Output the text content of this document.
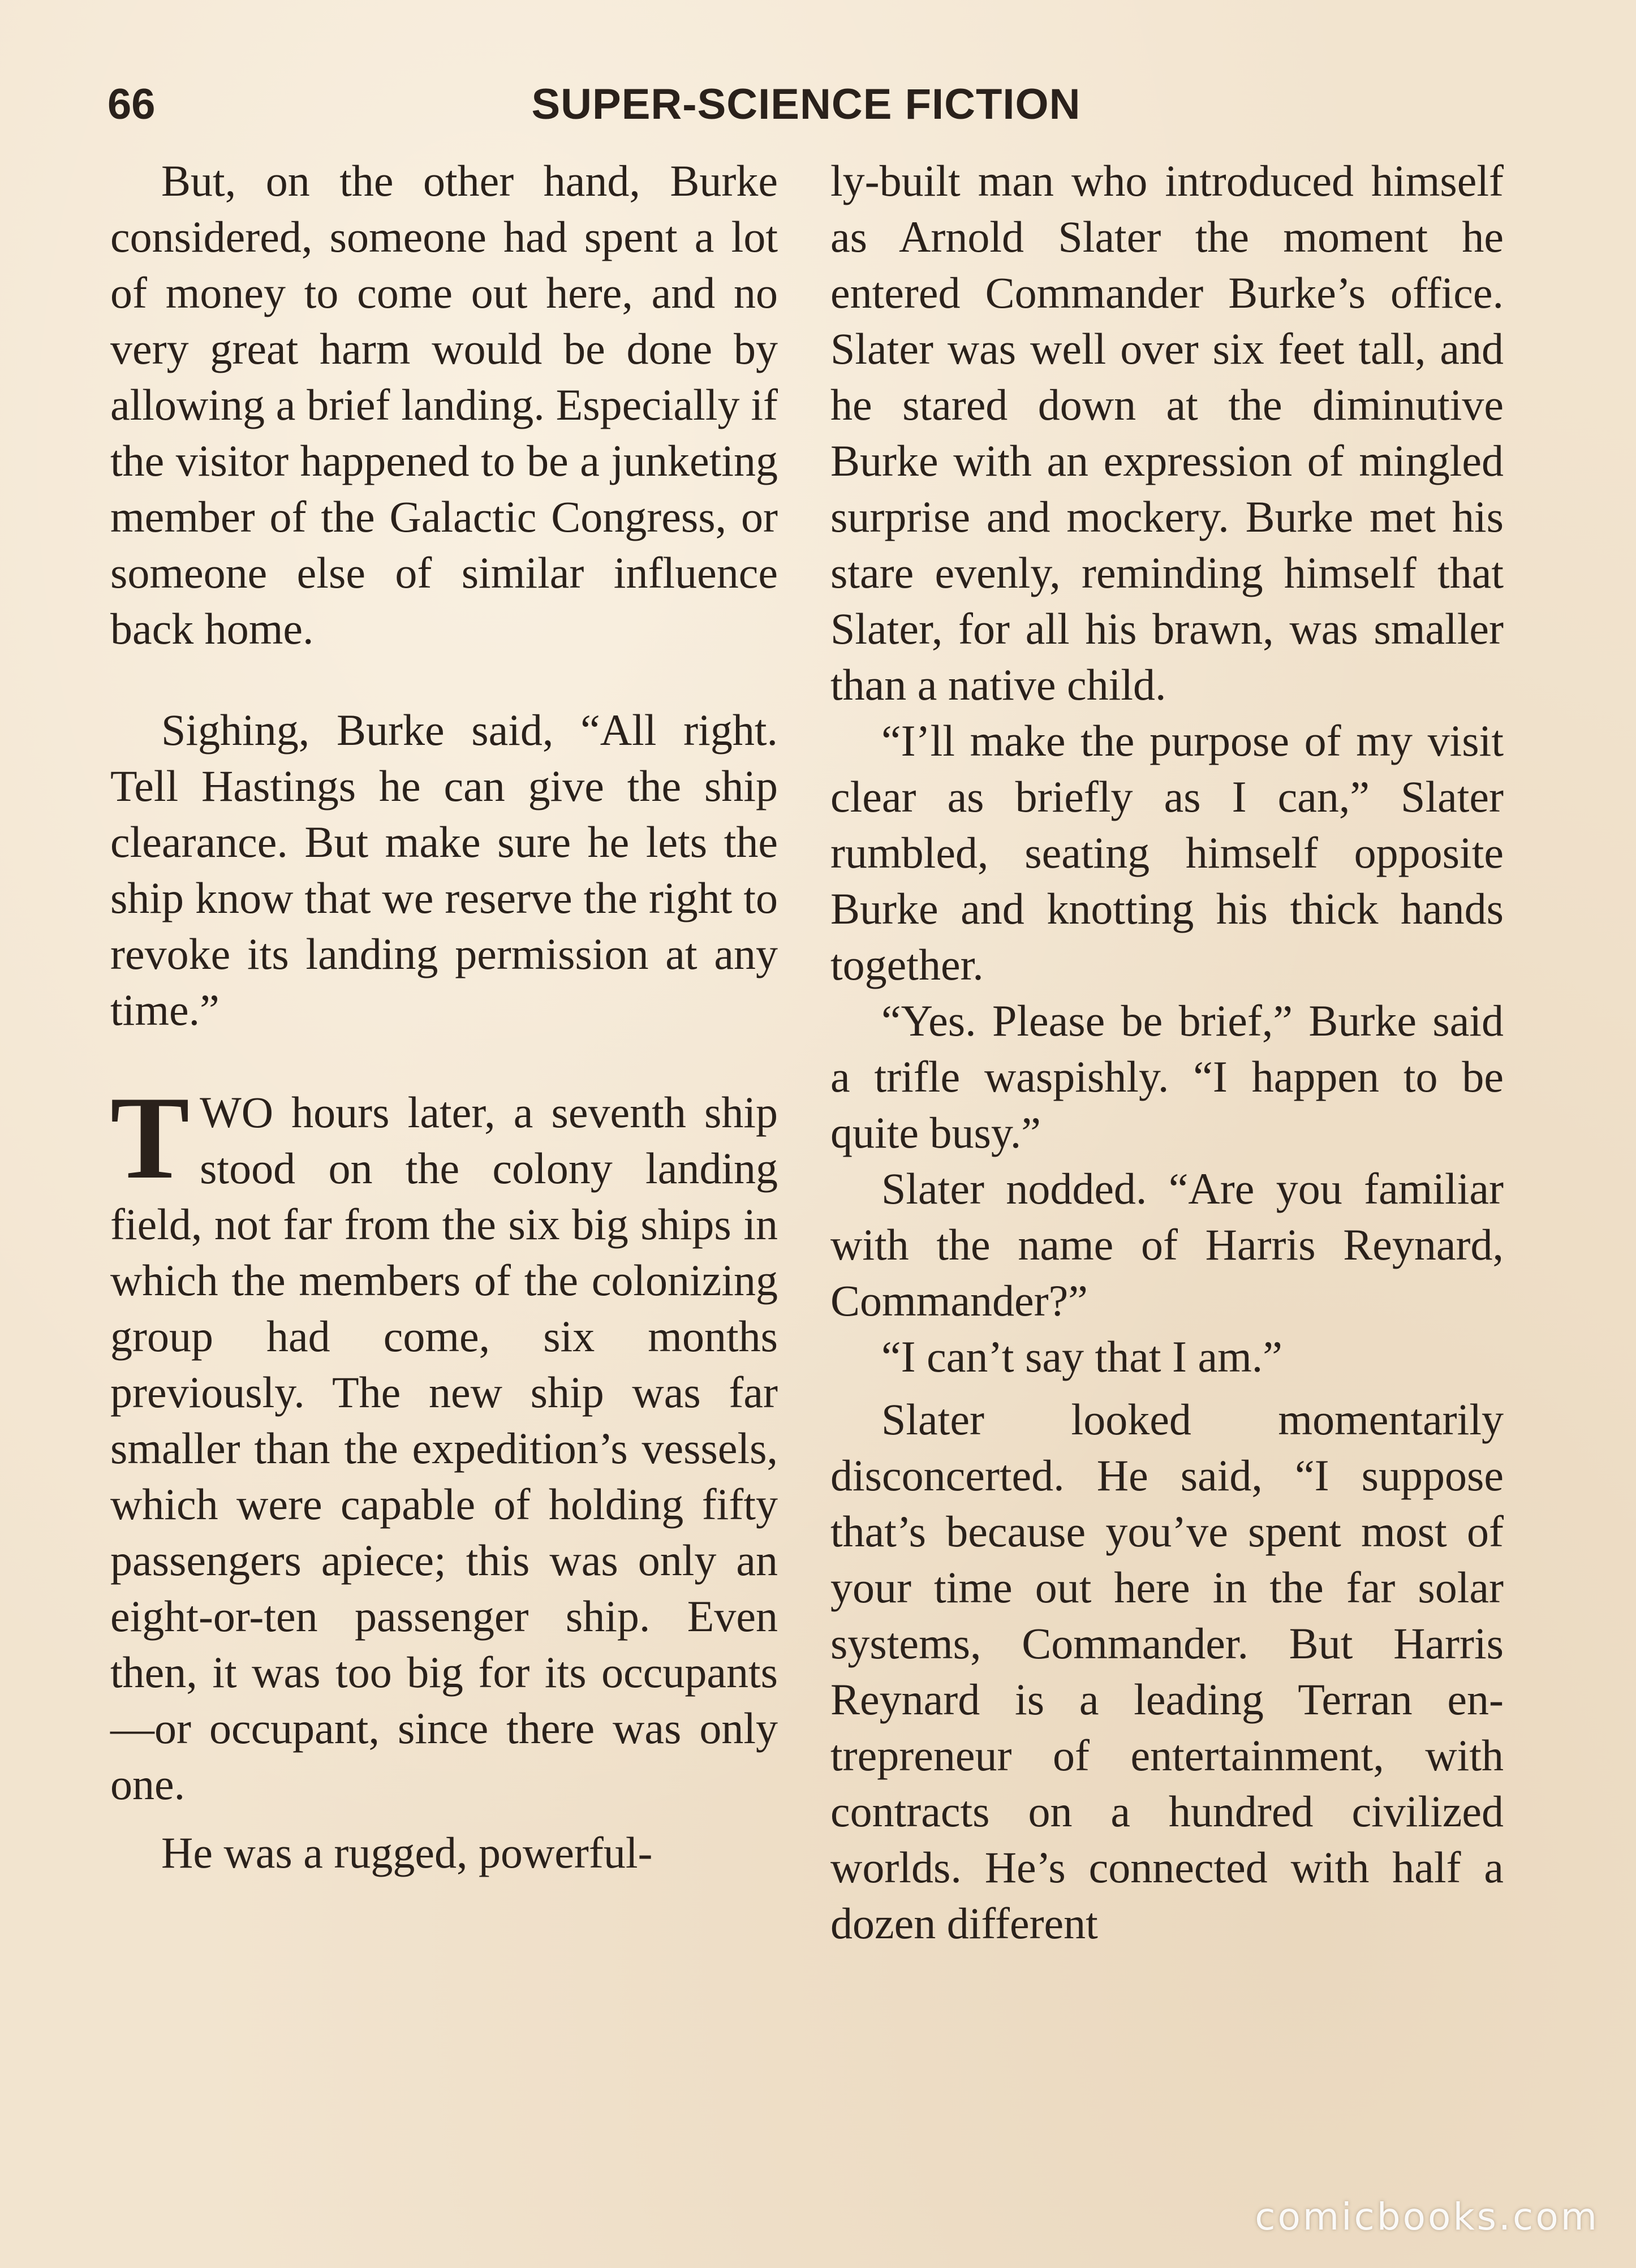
66	SUPER-SCIENCE FICTION

But, on the other hand, Burke considered, someone had spent a lot of money to come out here, and no very great harm would be done by allowing a brief landing. Especially if the visitor happened to be a junketing member of the Galactic Congress, or someone else of similar influence back home.

Sighing, Burke said, “All right. Tell Hastings he can give the ship clearance. But make sure he lets the ship know that we reserve the right to revoke its landing permission at any time.”

TWO hours later, a seventh ship stood on the colony landing field, not far from the six big ships in which the members of the colonizing group had come, six months previously. The new ship was far smaller than the expedition’s vessels, which were capable of holding fifty passengers apiece; this was only an eight-or-ten passenger ship. Even then, it was too big for its occupants—or occupant, since there was only one.

He was a rugged, powerful-

ly-built man who introduced himself as Arnold Slater the moment he entered Commander Burke’s office. Slater was well over six feet tall, and he stared down at the diminutive Burke with an expression of mingled surprise and mockery. Burke met his stare evenly, reminding himself that Slater, for all his brawn, was smaller than a native child.

“I’ll make the purpose of my visit clear as briefly as I can,” Slater rumbled, seating himself opposite Burke and knotting his thick hands together.

“Yes. Please be brief,” Burke said a trifle waspishly. “I happen to be quite busy.”

Slater nodded. “Are you familiar with the name of Harris Reynard, Commander?”

“I can’t say that I am.”

Slater looked momentarily disconcerted. He said, “I suppose that’s because you’ve spent most of your time out here in the far solar systems, Commander. But Harris Reynard is a leading Terran entrepreneur of entertainment, with contracts on a hundred civilized worlds. He’s connected with half a dozen different

comicbooks.com
